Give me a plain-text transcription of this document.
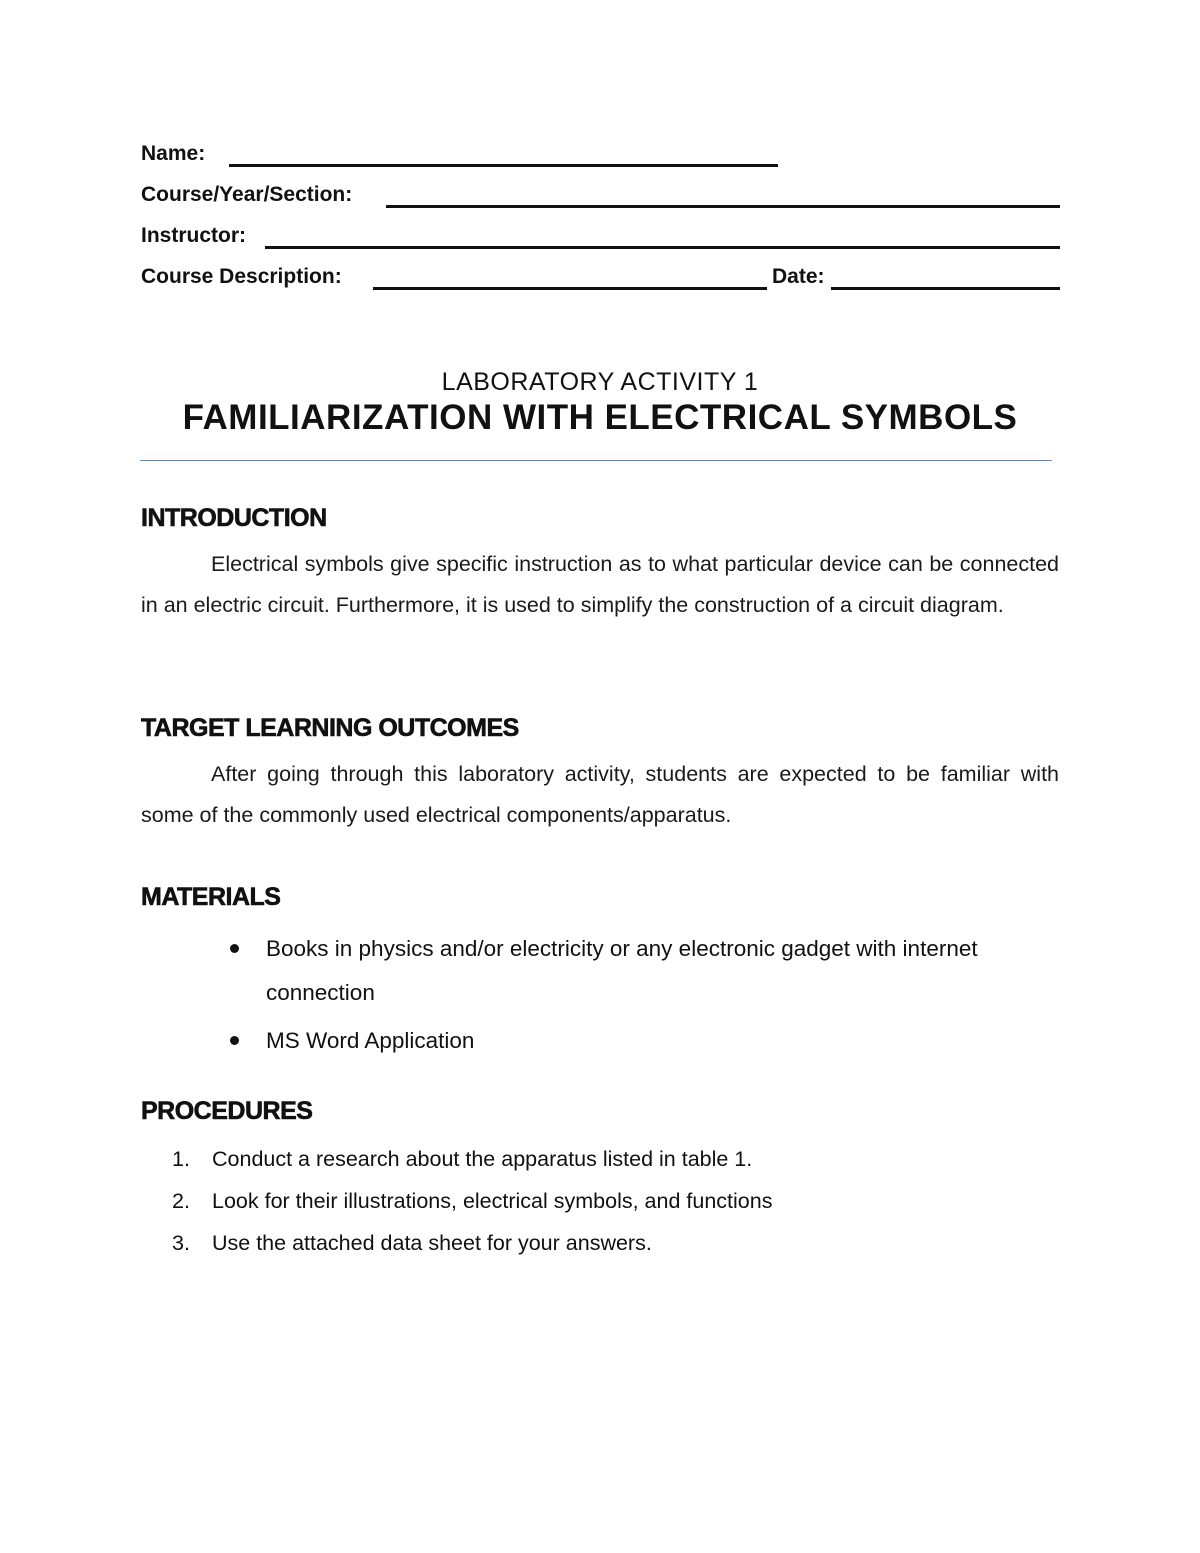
Name:
Course/Year/Section:
Instructor:
Course Description:	Date:
LABORATORY ACTIVITY 1
FAMILIARIZATION WITH ELECTRICAL SYMBOLS
INTRODUCTION
Electrical symbols give specific instruction as to what particular device can be connected in an electric circuit. Furthermore, it is used to simplify the construction of a circuit diagram.
TARGET LEARNING OUTCOMES
After going through this laboratory activity, students are expected to be familiar with some of the commonly used electrical components/apparatus.
MATERIALS
Books in physics and/or electricity or any electronic gadget with internet connection
MS Word Application
PROCEDURES
1.	Conduct a research about the apparatus listed in table 1.
2.	Look for their illustrations, electrical symbols, and functions
3.	Use the attached data sheet for your answers.
